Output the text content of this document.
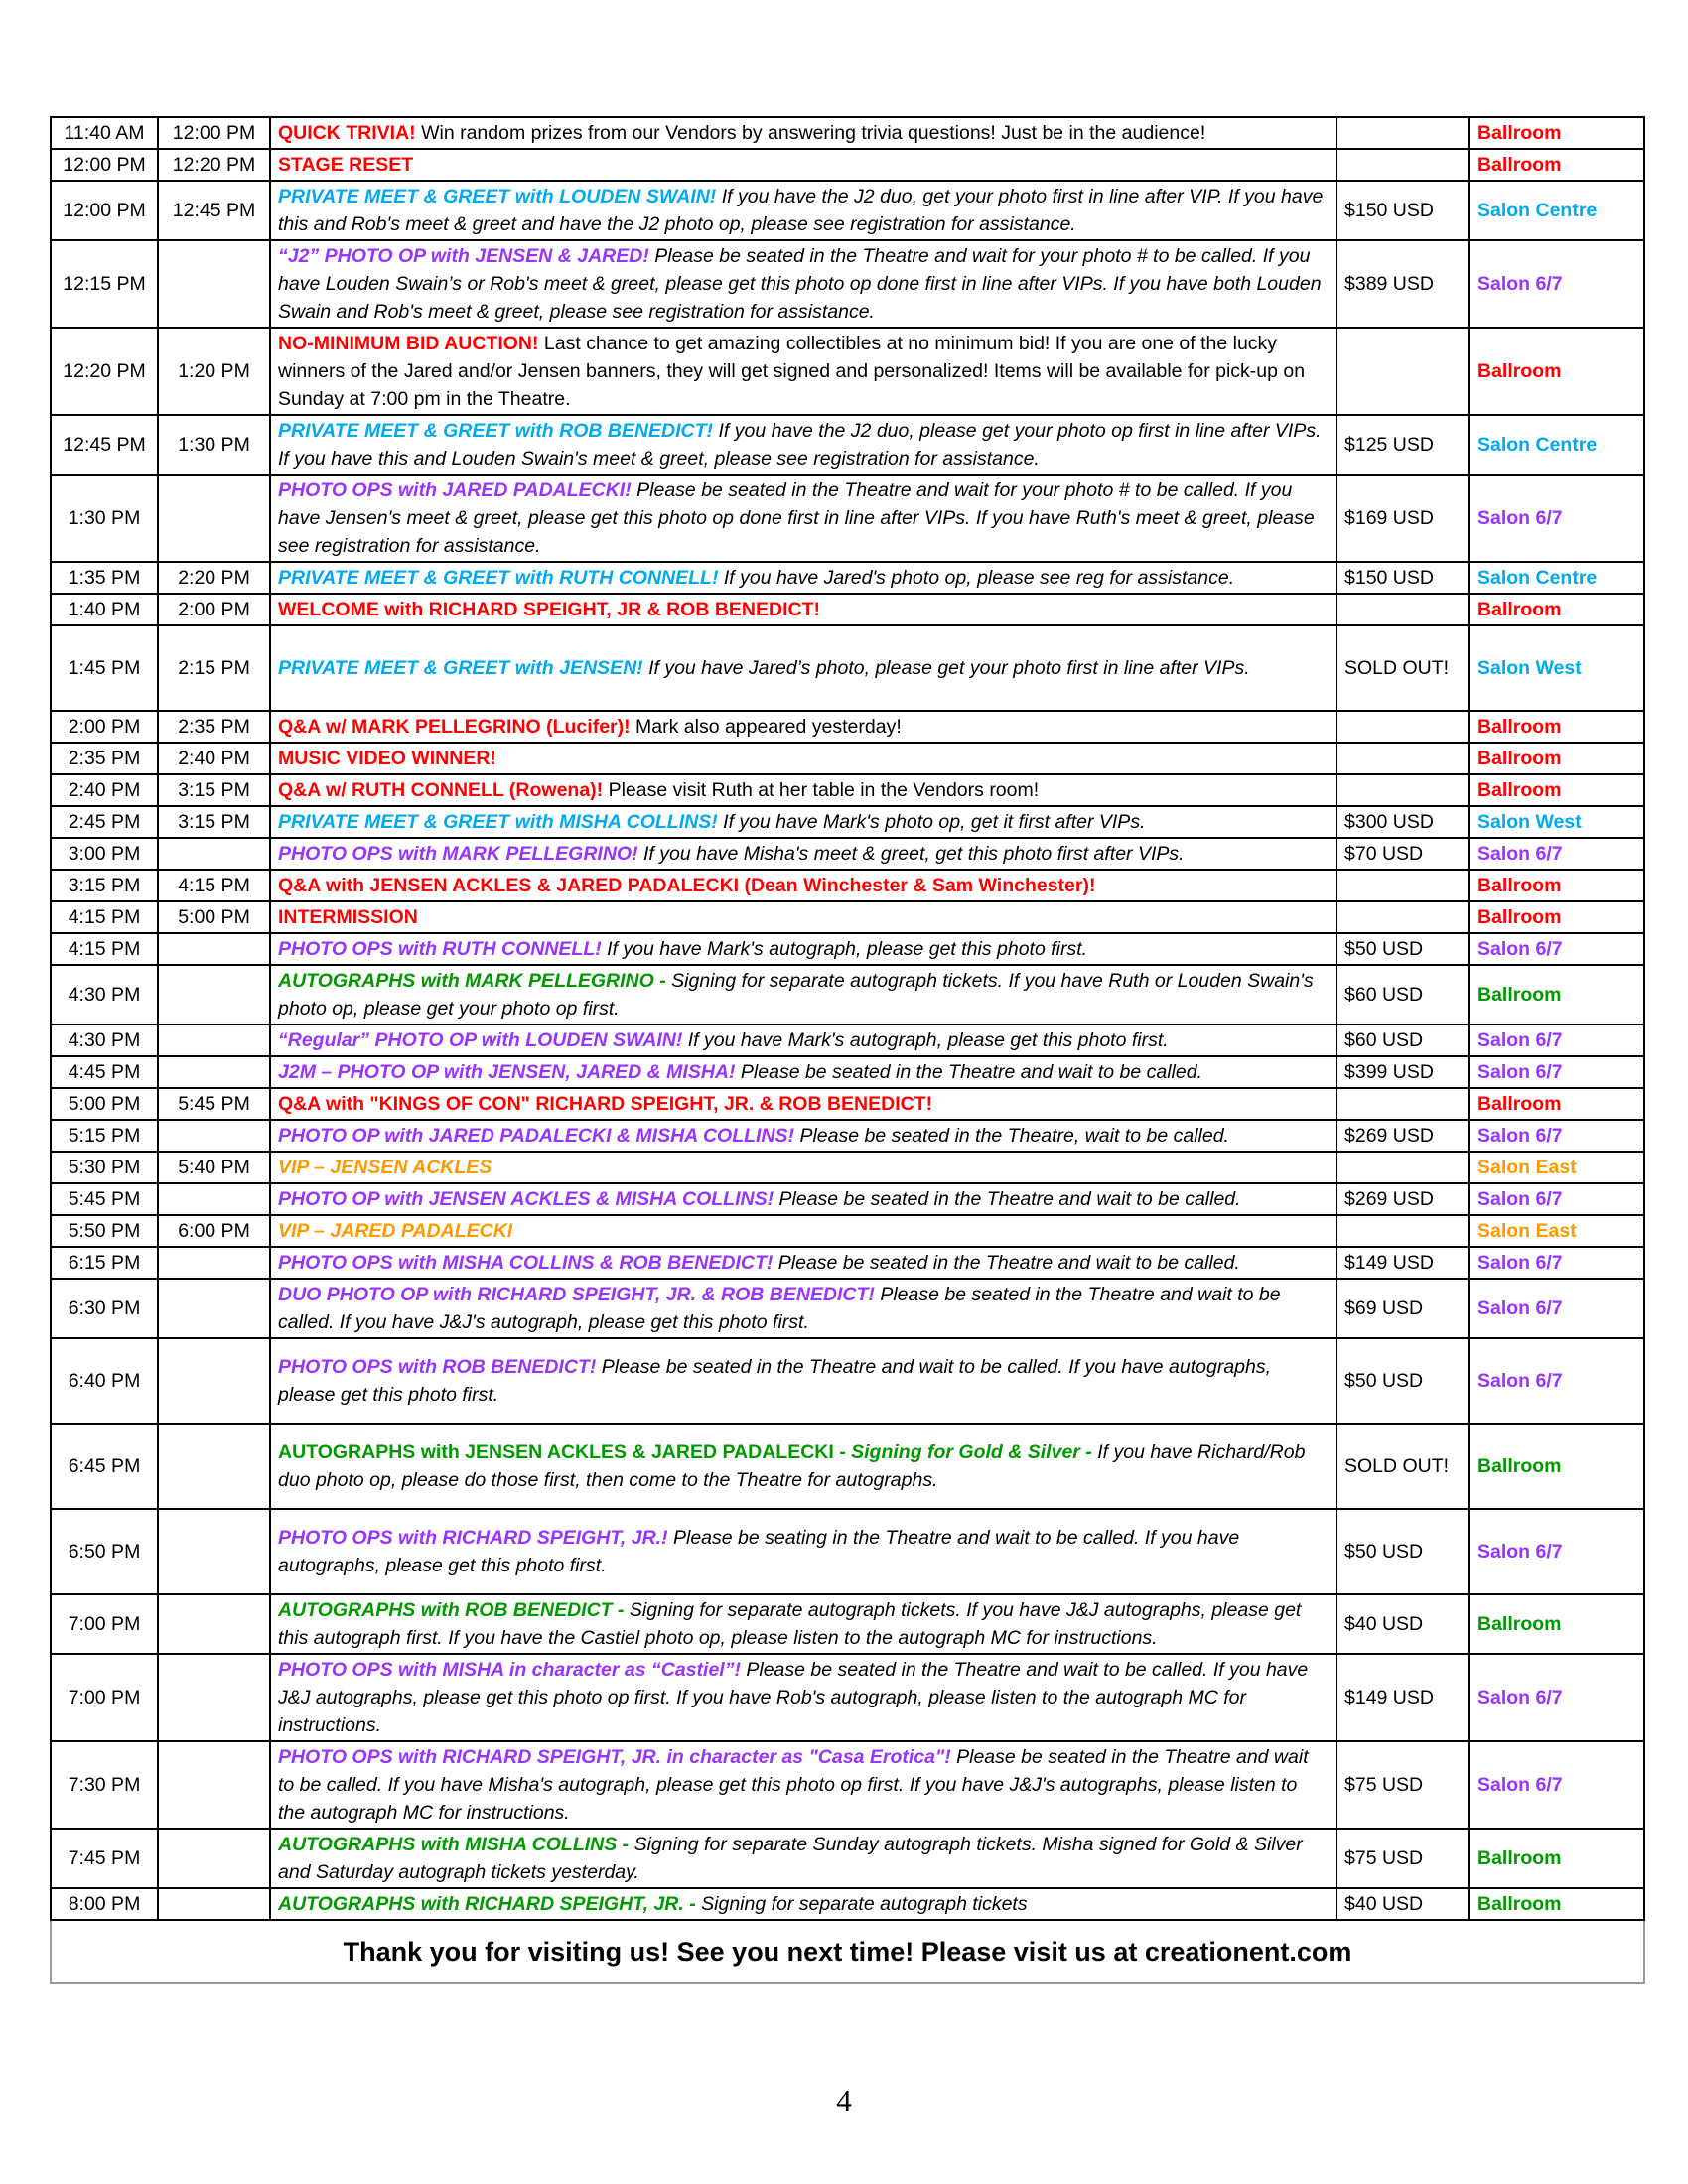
11:40 AM	12:00 PM	QUICK TRIVIA! Win random prizes from our Vendors by answering trivia questions! Just be in the audience!		Ballroom
12:00 PM	12:20 PM	STAGE RESET		Ballroom
12:00 PM	12:45 PM	PRIVATE MEET & GREET with LOUDEN SWAIN! If you have the J2 duo, get your photo first in line after VIP. If you have this and Rob's meet & greet and have the J2 photo op, please see registration for assistance.	$150 USD	Salon Centre
12:15 PM		“J2” PHOTO OP with JENSEN & JARED! Please be seated in the Theatre and wait for your photo # to be called. If you have Louden Swain’s or Rob's meet & greet, please get this photo op done first in line after VIPs. If you have both Louden Swain and Rob's meet & greet, please see registration for assistance.	$389 USD	Salon 6/7
12:20 PM	1:20 PM	NO-MINIMUM BID AUCTION! Last chance to get amazing collectibles at no minimum bid! If you are one of the lucky winners of the Jared and/or Jensen banners, they will get signed and personalized! Items will be available for pick-up on Sunday at 7:00 pm in the Theatre.		Ballroom
12:45 PM	1:30 PM	PRIVATE MEET & GREET with ROB BENEDICT! If you have the J2 duo, please get your photo op first in line after VIPs. If you have this and Louden Swain's meet & greet, please see registration for assistance.	$125 USD	Salon Centre
1:30 PM		PHOTO OPS with JARED PADALECKI! Please be seated in the Theatre and wait for your photo # to be called. If you have Jensen's meet & greet, please get this photo op done first in line after VIPs. If you have Ruth's meet & greet, please see registration for assistance.	$169 USD	Salon 6/7
1:35 PM	2:20 PM	PRIVATE MEET & GREET with RUTH CONNELL! If you have Jared's photo op, please see reg for assistance.	$150 USD	Salon Centre
1:40 PM	2:00 PM	WELCOME with RICHARD SPEIGHT, JR & ROB BENEDICT!		Ballroom
1:45 PM	2:15 PM	PRIVATE MEET & GREET with JENSEN! If you have Jared’s photo, please get your photo first in line after VIPs.	SOLD OUT!	Salon West
2:00 PM	2:35 PM	Q&A w/ MARK PELLEGRINO (Lucifer)! Mark also appeared yesterday!		Ballroom
2:35 PM	2:40 PM	MUSIC VIDEO WINNER!		Ballroom
2:40 PM	3:15 PM	Q&A w/ RUTH CONNELL (Rowena)! Please visit Ruth at her table in the Vendors room!		Ballroom
2:45 PM	3:15 PM	PRIVATE MEET & GREET with MISHA COLLINS! If you have Mark's photo op, get it first after VIPs.	$300 USD	Salon West
3:00 PM		PHOTO OPS with MARK PELLEGRINO! If you have Misha's meet & greet, get this photo first after VIPs.	$70 USD	Salon 6/7
3:15 PM	4:15 PM	Q&A with JENSEN ACKLES & JARED PADALECKI (Dean Winchester & Sam Winchester)!		Ballroom
4:15 PM	5:00 PM	INTERMISSION		Ballroom
4:15 PM		PHOTO OPS with RUTH CONNELL! If you have Mark's autograph, please get this photo first.	$50 USD	Salon 6/7
4:30 PM		AUTOGRAPHS with MARK PELLEGRINO - Signing for separate autograph tickets. If you have Ruth or Louden Swain's photo op, please get your photo op first.	$60 USD	Ballroom
4:30 PM		“Regular” PHOTO OP with LOUDEN SWAIN! If you have Mark's autograph, please get this photo first.	$60 USD	Salon 6/7
4:45 PM		J2M – PHOTO OP with JENSEN, JARED & MISHA! Please be seated in the Theatre and wait to be called.	$399 USD	Salon 6/7
5:00 PM	5:45 PM	Q&A with "KINGS OF CON" RICHARD SPEIGHT, JR. & ROB BENEDICT!		Ballroom
5:15 PM		PHOTO OP with JARED PADALECKI & MISHA COLLINS! Please be seated in the Theatre, wait to be called.	$269 USD	Salon 6/7
5:30 PM	5:40 PM	VIP – JENSEN ACKLES		Salon East
5:45 PM		PHOTO OP with JENSEN ACKLES & MISHA COLLINS! Please be seated in the Theatre and wait to be called.	$269 USD	Salon 6/7
5:50 PM	6:00 PM	VIP – JARED PADALECKI		Salon East
6:15 PM		PHOTO OPS with MISHA COLLINS & ROB BENEDICT! Please be seated in the Theatre and wait to be called.	$149 USD	Salon 6/7
6:30 PM		DUO PHOTO OP with RICHARD SPEIGHT, JR. & ROB BENEDICT! Please be seated in the Theatre and wait to be called. If you have J&J's autograph, please get this photo first.	$69 USD	Salon 6/7
6:40 PM		PHOTO OPS with ROB BENEDICT! Please be seated in the Theatre and wait to be called. If you have autographs, please get this photo first.	$50 USD	Salon 6/7
6:45 PM		AUTOGRAPHS with JENSEN ACKLES & JARED PADALECKI - Signing for Gold & Silver - If you have Richard/Rob duo photo op, please do those first, then come to the Theatre for autographs.	SOLD OUT!	Ballroom
6:50 PM		PHOTO OPS with RICHARD SPEIGHT, JR.! Please be seating in the Theatre and wait to be called. If you have autographs, please get this photo first.	$50 USD	Salon 6/7
7:00 PM		AUTOGRAPHS with ROB BENEDICT - Signing for separate autograph tickets. If you have J&J autographs, please get this autograph first. If you have the Castiel photo op, please listen to the autograph MC for instructions.	$40 USD	Ballroom
7:00 PM		PHOTO OPS with MISHA in character as “Castiel”! Please be seated in the Theatre and wait to be called. If you have J&J autographs, please get this photo op first. If you have Rob's autograph, please listen to the autograph MC for instructions.	$149 USD	Salon 6/7
7:30 PM		PHOTO OPS with RICHARD SPEIGHT, JR. in character as "Casa Erotica"! Please be seated in the Theatre and wait to be called. If you have Misha's autograph, please get this photo op first. If you have J&J's autographs, please listen to the autograph MC for instructions.	$75 USD	Salon 6/7
7:45 PM		AUTOGRAPHS with MISHA COLLINS - Signing for separate Sunday autograph tickets. Misha signed for Gold & Silver and Saturday autograph tickets yesterday.	$75 USD	Ballroom
8:00 PM		AUTOGRAPHS with RICHARD SPEIGHT, JR. - Signing for separate autograph tickets	$40 USD	Ballroom
Thank you for visiting us! See you next time! Please visit us at creationent.com				
4
